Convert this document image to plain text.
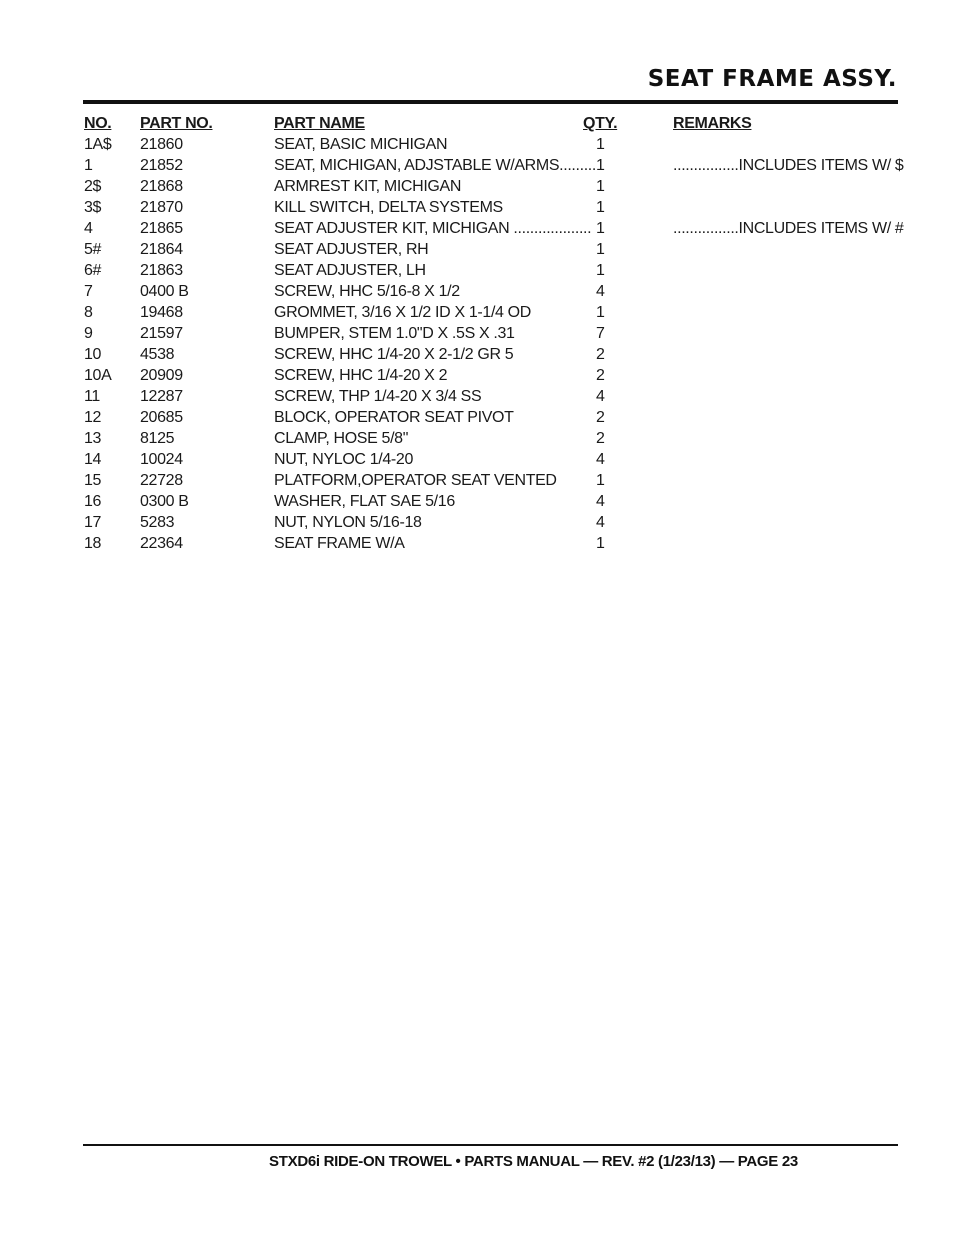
SEAT FRAME ASSY.
NO. PART NO.	PART NAME	QTY.	REMARKS
1A$ 21860	SEAT, BASIC MICHIGAN	1
1	21852	SEAT, MICHIGAN, ADJSTABLE W/ARMS......... 1	................INCLUDES ITEMS W/ $
2$ 21868	ARMREST KIT, MICHIGAN	1
3$ 21870	KILL SWITCH, DELTA SYSTEMS	1
4	21865	SEAT ADJUSTER KIT, MICHIGAN ................... 1	................INCLUDES ITEMS W/ #
5# 21864	SEAT ADJUSTER, RH	1
6# 21863	SEAT ADJUSTER, LH	1
7	0400 B	SCREW, HHC 5/16-8 X 1/2	4
8	19468	GROMMET, 3/16 X 1/2 ID X 1-1/4 OD	1
9	21597	BUMPER, STEM 1.0"D X .5S X .31	7
10 4538	SCREW, HHC 1/4-20 X 2-1/2 GR 5	2
10A 20909	SCREW, HHC 1/4-20 X 2	2
11	12287	SCREW, THP 1/4-20 X 3/4 SS	4
12 20685	BLOCK, OPERATOR SEAT PIVOT	2
13 8125	CLAMP, HOSE 5/8"	2
14 10024	NUT, NYLOC 1/4-20	4
15 22728	PLATFORM,OPERATOR SEAT VENTED 1
16 0300 B	WASHER, FLAT SAE 5/16	4
17 5283	NUT, NYLON 5/16-18	4
18 22364	SEAT FRAME W/A	1
STXD6i RIDE-ON TROWEL • PARTS MANUAL — REV. #2 (1/23/13) — PAGE 23
